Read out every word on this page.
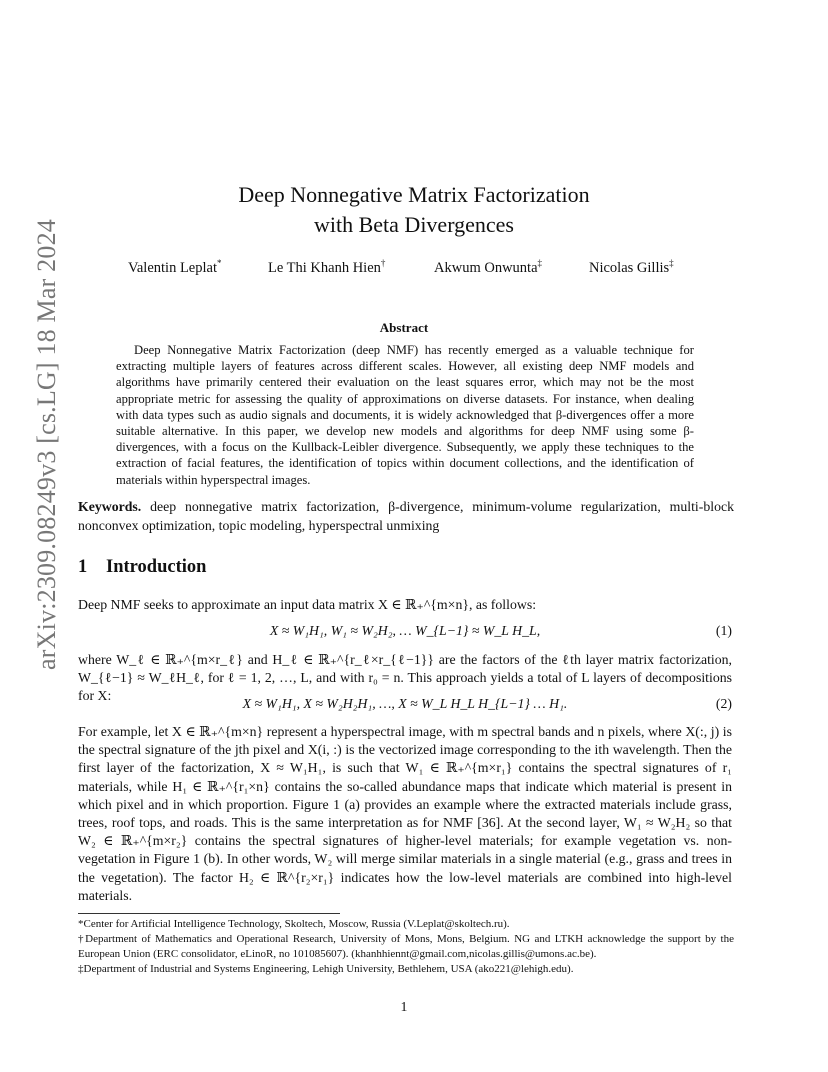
arXiv:2309.08249v3 [cs.LG] 18 Mar 2024
Deep Nonnegative Matrix Factorization
with Beta Divergences
Valentin Leplat*	Le Thi Khanh Hien†	Akwum Onwunta‡	Nicolas Gillis‡
Abstract
Deep Nonnegative Matrix Factorization (deep NMF) has recently emerged as a valuable technique for extracting multiple layers of features across different scales. However, all existing deep NMF models and algorithms have primarily centered their evaluation on the least squares error, which may not be the most appropriate metric for assessing the quality of approximations on diverse datasets. For instance, when dealing with data types such as audio signals and documents, it is widely acknowledged that β-divergences offer a more suitable alternative. In this paper, we develop new models and algorithms for deep NMF using some β-divergences, with a focus on the Kullback-Leibler divergence. Subsequently, we apply these techniques to the extraction of facial features, the identification of topics within document collections, and the identification of materials within hyperspectral images.
Keywords. deep nonnegative matrix factorization, β-divergence, minimum-volume regularization, multi-block nonconvex optimization, topic modeling, hyperspectral unmixing
1 Introduction
Deep NMF seeks to approximate an input data matrix X ∈ ℝ₊^{m×n}, as follows:
X ≈ W₁H₁, W₁ ≈ W₂H₂, … W_{L−1} ≈ W_L H_L,	(1)
where W_ℓ ∈ ℝ₊^{m×r_ℓ} and H_ℓ ∈ ℝ₊^{r_ℓ×r_{ℓ−1}} are the factors of the ℓth layer matrix factorization, W_{ℓ−1} ≈ W_ℓH_ℓ, for ℓ = 1, 2, …, L, and with r₀ = n. This approach yields a total of L layers of decompositions for X:
X ≈ W₁H₁, X ≈ W₂H₂H₁, …, X ≈ W_L H_L H_{L−1} … H₁.	(2)
For example, let X ∈ ℝ₊^{m×n} represent a hyperspectral image, with m spectral bands and n pixels, where X(:, j) is the spectral signature of the jth pixel and X(i, :) is the vectorized image corresponding to the ith wavelength. Then the first layer of the factorization, X ≈ W₁H₁, is such that W₁ ∈ ℝ₊^{m×r₁} contains the spectral signatures of r₁ materials, while H₁ ∈ ℝ₊^{r₁×n} contains the so-called abundance maps that indicate which material is present in which pixel and in which proportion. Figure 1 (a) provides an example where the extracted materials include grass, trees, roof tops, and roads. This is the same interpretation as for NMF [36]. At the second layer, W₁ ≈ W₂H₂ so that W₂ ∈ ℝ₊^{m×r₂} contains the spectral signatures of higher-level materials; for example vegetation vs. non-vegetation in Figure 1 (b). In other words, W₂ will merge similar materials in a single material (e.g., grass and trees in the vegetation). The factor H₂ ∈ ℝ^{r₂×r₁} indicates how the low-level materials are combined into high-level materials.
*Center for Artificial Intelligence Technology, Skoltech, Moscow, Russia (V.Leplat@skoltech.ru).
†Department of Mathematics and Operational Research, University of Mons, Mons, Belgium. NG and LTKH acknowledge the support by the European Union (ERC consolidator, eLinoR, no 101085607). (khanhhiennt@gmail.com,nicolas.gillis@umons.ac.be).
‡Department of Industrial and Systems Engineering, Lehigh University, Bethlehem, USA (ako221@lehigh.edu).
1
